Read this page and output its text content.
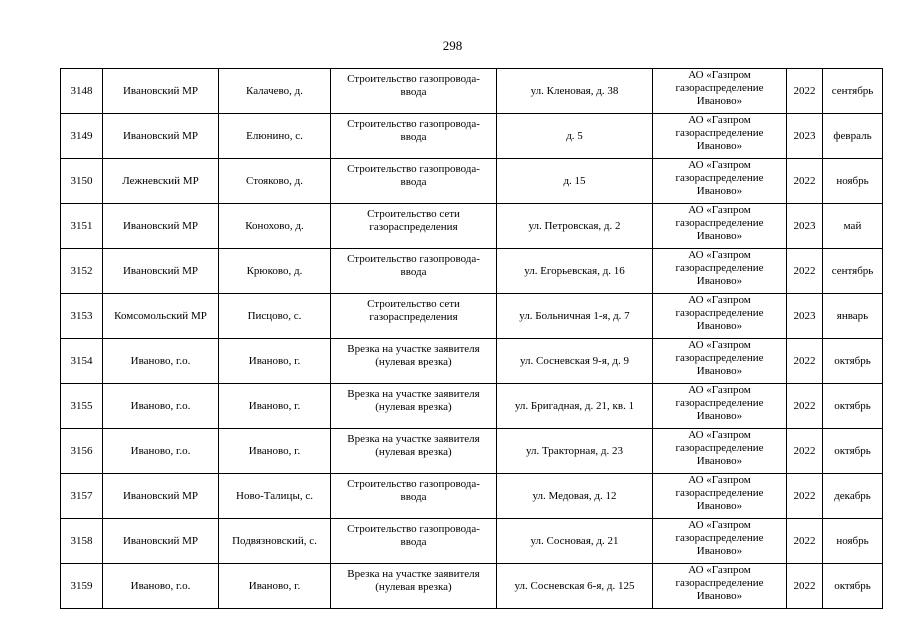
298
3148	Ивановский МР	Калачево, д.	Строительство газопровода-
ввода	ул. Кленовая, д. 38	АО «Газпром
газораспределение
Иваново»	2022	сентябрь
3149	Ивановский МР	Елюнино, с.	Строительство газопровода-
ввода	д. 5	АО «Газпром
газораспределение
Иваново»	2023	февраль
3150	Лежневский МР	Стояково, д.	Строительство газопровода-
ввода	д. 15	АО «Газпром
газораспределение
Иваново»	2022	ноябрь
3151	Ивановский МР	Конохово, д.	Строительство сети
газораспределения	ул. Петровская, д. 2	АО «Газпром
газораспределение
Иваново»	2023	май
3152	Ивановский МР	Крюково, д.	Строительство газопровода-
ввода	ул. Егорьевская, д. 16	АО «Газпром
газораспределение
Иваново»	2022	сентябрь
3153	Комсомольский МР	Писцово, с.	Строительство сети
газораспределения	ул. Больничная 1-я, д. 7	АО «Газпром
газораспределение
Иваново»	2023	январь
3154	Иваново, г.о.	Иваново, г.	Врезка на участке заявителя
(нулевая врезка)	ул. Сосневская 9-я, д. 9	АО «Газпром
газораспределение
Иваново»	2022	октябрь
3155	Иваново, г.о.	Иваново, г.	Врезка на участке заявителя
(нулевая врезка)	ул. Бригадная, д. 21, кв. 1	АО «Газпром
газораспределение
Иваново»	2022	октябрь
3156	Иваново, г.о.	Иваново, г.	Врезка на участке заявителя
(нулевая врезка)	ул. Тракторная, д. 23	АО «Газпром
газораспределение
Иваново»	2022	октябрь
3157	Ивановский МР	Ново-Талицы, с.	Строительство газопровода-
ввода	ул. Медовая, д. 12	АО «Газпром
газораспределение
Иваново»	2022	декабрь
3158	Ивановский МР	Подвязновский, с.	Строительство газопровода-
ввода	ул. Сосновая, д. 21	АО «Газпром
газораспределение
Иваново»	2022	ноябрь
3159	Иваново, г.о.	Иваново, г.	Врезка на участке заявителя
(нулевая врезка)	ул. Сосневская 6-я, д. 125	АО «Газпром
газораспределение
Иваново»	2022	октябрь
